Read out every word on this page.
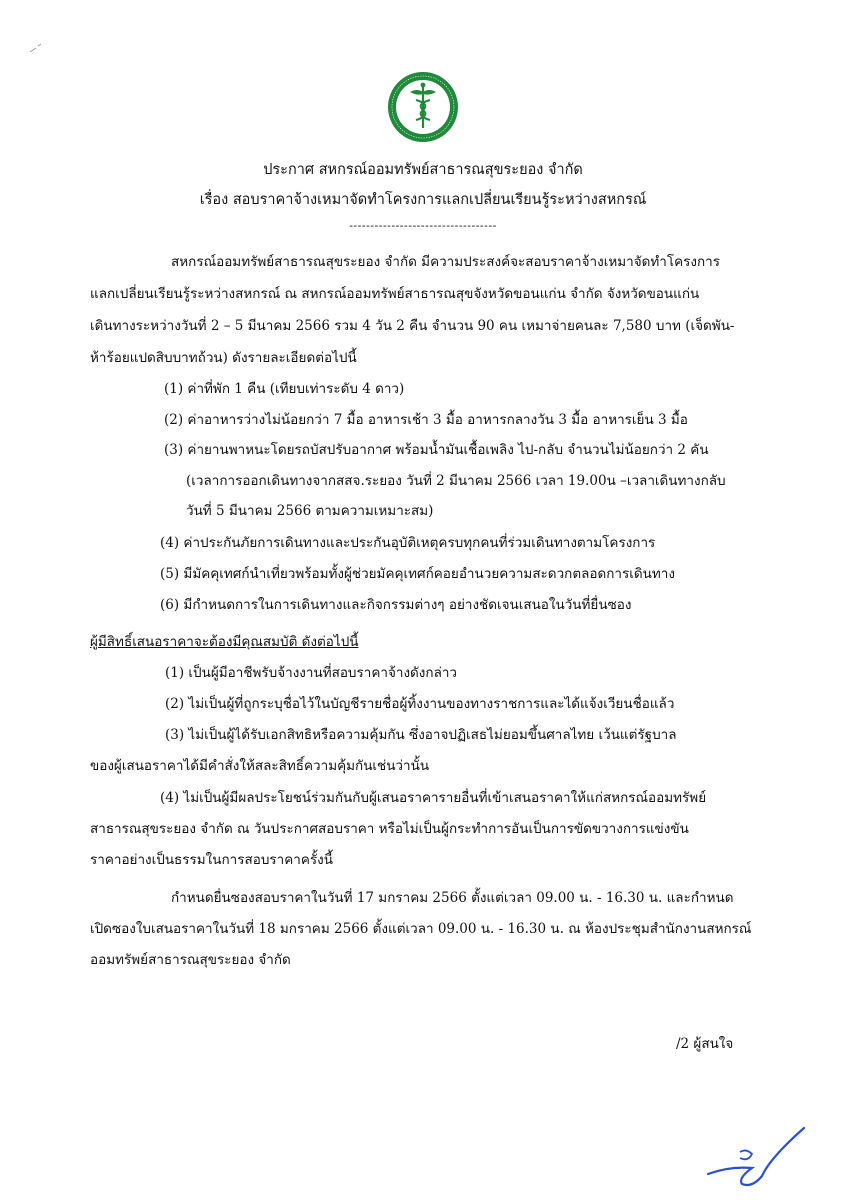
ประกาศ สหกรณ์ออมทรัพย์สาธารณสุขระยอง จำกัด
เรื่อง สอบราคาจ้างเหมาจัดทำโครงการแลกเปลี่ยนเรียนรู้ระหว่างสหกรณ์
-----------------------------------
สหกรณ์ออมทรัพย์สาธารณสุขระยอง จำกัด มีความประสงค์จะสอบราคาจ้างเหมาจัดทำโครงการ
แลกเปลี่ยนเรียนรู้ระหว่างสหกรณ์ ณ สหกรณ์ออมทรัพย์สาธารณสุขจังหวัดขอนแก่น จำกัด จังหวัดขอนแก่น
เดินทางระหว่างวันที่ 2 – 5 มีนาคม 2566 รวม 4 วัน 2 คืน จำนวน 90 คน เหมาจ่ายคนละ 7,580 บาท (เจ็ดพัน-
ห้าร้อยแปดสิบบาทถ้วน) ดังรายละเอียดต่อไปนี้
(1) ค่าที่พัก 1 คืน (เทียบเท่าระดับ 4 ดาว)
(2) ค่าอาหารว่างไม่น้อยกว่า 7 มื้อ อาหารเช้า 3 มื้อ อาหารกลางวัน 3 มื้อ อาหารเย็น 3 มื้อ
(3) ค่ายานพาหนะโดยรถบัสปรับอากาศ พร้อมน้ำมันเชื้อเพลิง ไป-กลับ จำนวนไม่น้อยกว่า 2 คัน
(เวลาการออกเดินทางจากสสจ.ระยอง วันที่ 2 มีนาคม 2566 เวลา 19.00น –เวลาเดินทางกลับ
วันที่ 5 มีนาคม 2566 ตามความเหมาะสม)
(4) ค่าประกันภัยการเดินทางและประกันอุบัติเหตุครบทุกคนที่ร่วมเดินทางตามโครงการ
(5) มีมัคคุเทศก์นำเที่ยวพร้อมทั้งผู้ช่วยมัคคุเทศก์คอยอำนวยความสะดวกตลอดการเดินทาง
(6) มีกำหนดการในการเดินทางและกิจกรรมต่างๆ อย่างชัดเจนเสนอในวันที่ยื่นซอง
ผู้มีสิทธิ์เสนอราคาจะต้องมีคุณสมบัติ ดังต่อไปนี้
(1) เป็นผู้มีอาชีพรับจ้างงานที่สอบราคาจ้างดังกล่าว
(2) ไม่เป็นผู้ที่ถูกระบุชื่อไว้ในบัญชีรายชื่อผู้ทิ้งงานของทางราชการและได้แจ้งเวียนชื่อแล้ว
(3) ไม่เป็นผู้ได้รับเอกสิทธิหรือความคุ้มกัน ซึ่งอาจปฏิเสธไม่ยอมขึ้นศาลไทย เว้นแต่รัฐบาล
ของผู้เสนอราคาได้มีคำสั่งให้สละสิทธิ์ความคุ้มกันเช่นว่านั้น
(4) ไม่เป็นผู้มีผลประโยชน์ร่วมกันกับผู้เสนอราคารายอื่นที่เข้าเสนอราคาให้แก่สหกรณ์ออมทรัพย์
สาธารณสุขระยอง จำกัด ณ วันประกาศสอบราคา หรือไม่เป็นผู้กระทำการอันเป็นการขัดขวางการแข่งขัน
ราคาอย่างเป็นธรรมในการสอบราคาครั้งนี้
กำหนดยื่นซองสอบราคาในวันที่ 17 มกราคม 2566 ตั้งแต่เวลา 09.00 น. - 16.30 น. และกำหนด
เปิดซองใบเสนอราคาในวันที่ 18 มกราคม 2566 ตั้งแต่เวลา 09.00 น. - 16.30 น. ณ ห้องประชุมสำนักงานสหกรณ์
ออมทรัพย์สาธารณสุขระยอง จำกัด
/2 ผู้สนใจ
